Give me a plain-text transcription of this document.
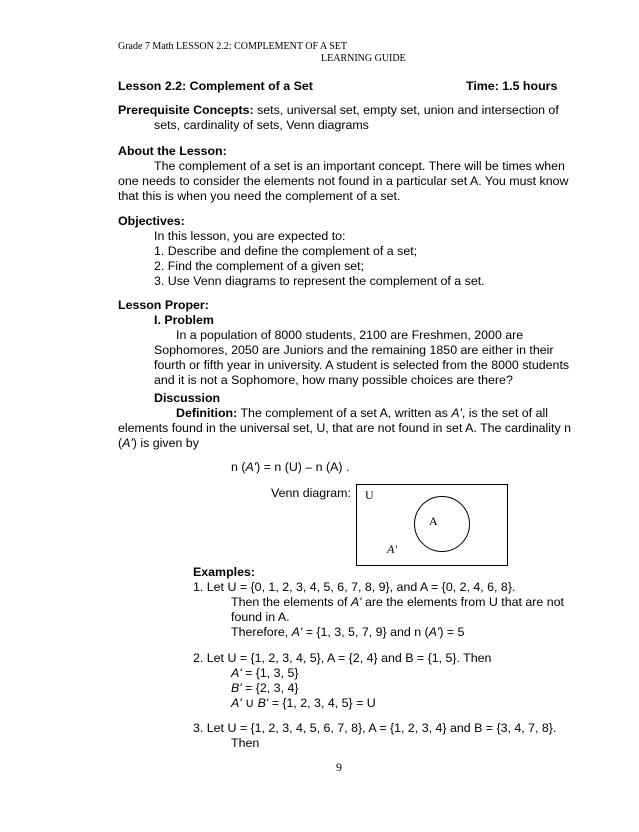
Grade 7 Math LESSON 2.2: COMPLEMENT OF A SET
LEARNING GUIDE
Lesson 2.2: Complement of a Set	Time: 1.5 hours
Prerequisite Concepts: sets, universal set, empty set, union and intersection of
sets, cardinality of sets, Venn diagrams
About the Lesson:
The complement of a set is an important concept. There will be times when
one needs to consider the elements not found in a particular set A. You must know
that this is when you need the complement of a set.
Objectives:
In this lesson, you are expected to:
1. Describe and define the complement of a set;
2. Find the complement of a given set;
3. Use Venn diagrams to represent the complement of a set.
Lesson Proper:
I. Problem
In a population of 8000 students, 2100 are Freshmen, 2000 are
Sophomores, 2050 are Juniors and the remaining 1850 are either in their
fourth or fifth year in university. A student is selected from the 8000 students
and it is not a Sophomore, how many possible choices are there?
Discussion
Definition: The complement of a set A, written as A', is the set of all
elements found in the universal set, U, that are not found in set A. The cardinality n
(A') is given by
n (A') = n (U) – n (A) .
Venn diagram: U
A
A'
Examples:
1. Let U = {0, 1, 2, 3, 4, 5, 6, 7, 8, 9}, and A = {0, 2, 4, 6, 8}.
Then the elements of A' are the elements from U that are not
found in A.
Therefore, A' = {1, 3, 5, 7, 9} and n (A') = 5
2. Let U = {1, 2, 3, 4, 5}, A = {2, 4} and B = {1, 5}. Then
A' = {1, 3, 5}
B' = {2, 3, 4}
A' ∪ B' = {1, 2, 3, 4, 5} = U
3. Let U = {1, 2, 3, 4, 5, 6, 7, 8}, A = {1, 2, 3, 4} and B = {3, 4, 7, 8}.
Then
9
